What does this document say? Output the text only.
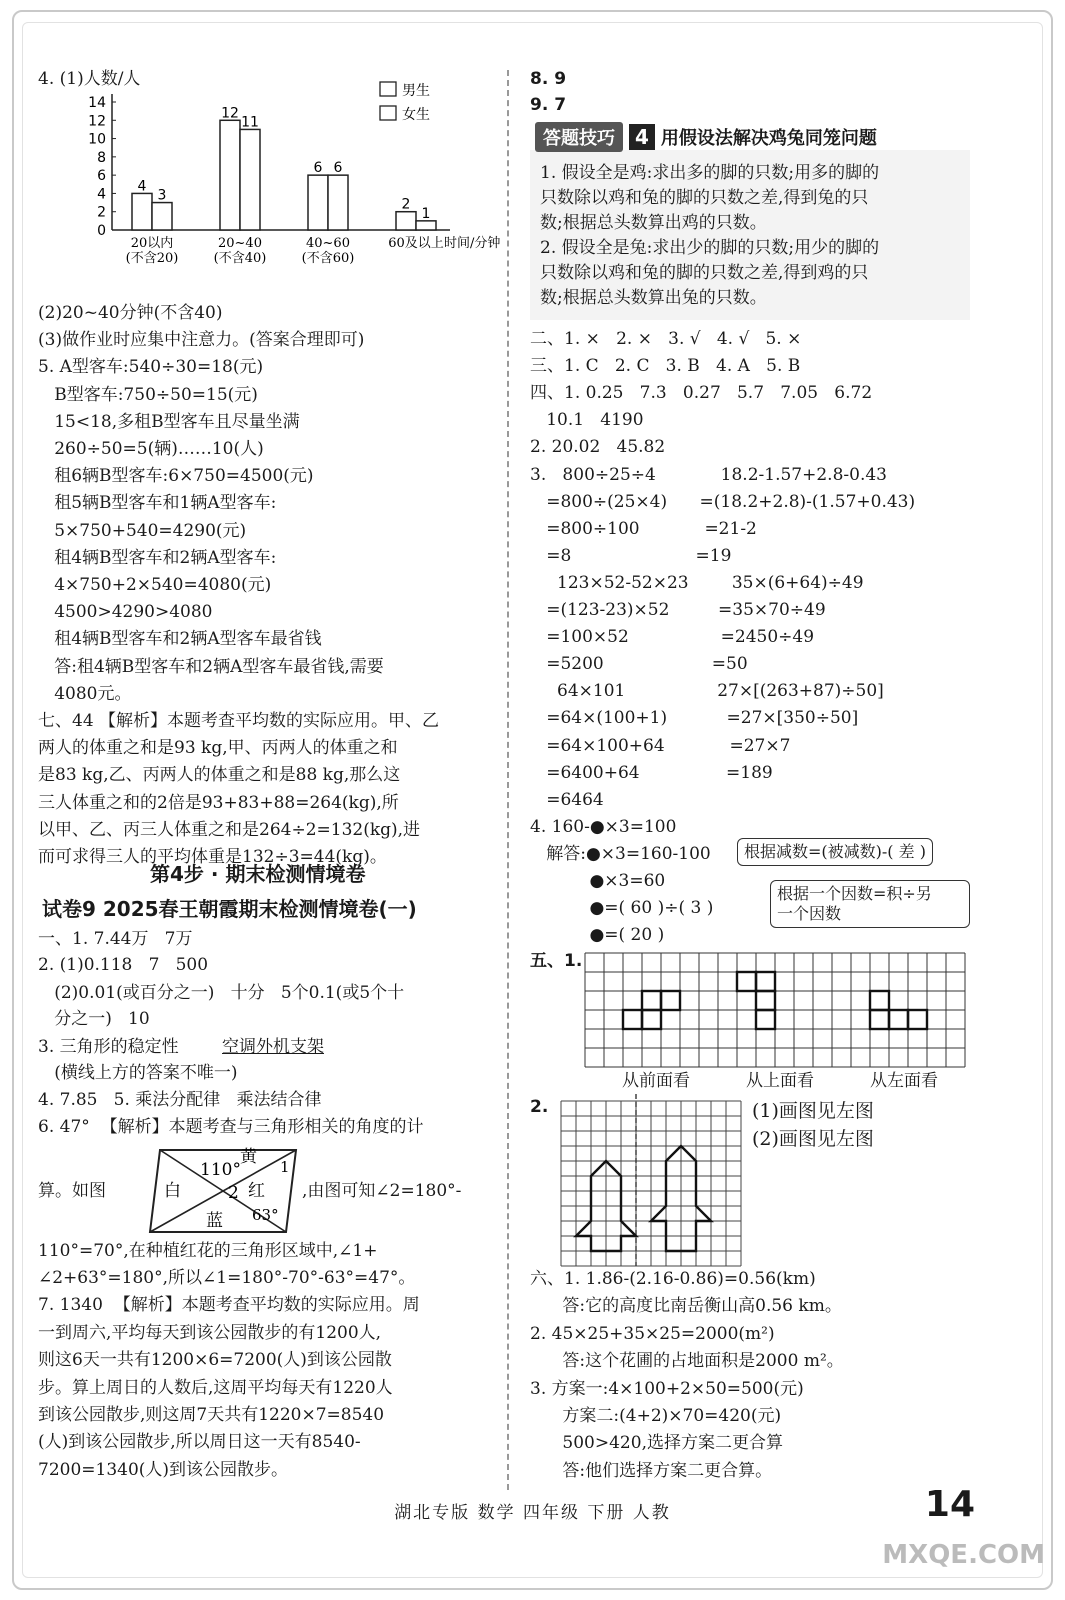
4. (1)人数/人
0
2
4
6
8
10
12
14
4
3
20以内
(不含20)
12
11
20~40
(不含40)
6 6
40~60
(不含60)
2
1
60及以上 时间/分钟
男生
女生
(2)20~40分钟(不含40)
(3)做作业时应集中注意力。(答案合理即可)
5. A型客车:540÷30=18(元)
B型客车:750÷50=15(元)
15<18,多租B型客车且尽量坐满
260÷50=5(辆)……10(人)
租6辆B型客车:6×750=4500(元)
租5辆B型客车和1辆A型客车:
5×750+540=4290(元)
租4辆B型客车和2辆A型客车:
4×750+2×540=4080(元)
4500>4290>4080
租4辆B型客车和2辆A型客车最省钱
答:租4辆B型客车和2辆A型客车最省钱,需要
4080元。
七、44 【解析】本题考查平均数的实际应用。甲、乙
两人的体重之和是93 kg,甲、丙两人的体重之和
是83 kg,乙、丙两人的体重之和是88 kg,那么这
三人体重之和的2倍是93+83+88=264(kg),所
以甲、乙、丙三人体重之和是264÷2=132(kg),进
而可求得三人的平均体重是132÷3=44(kg)。
第4步 · 期末检测情境卷
试卷9 2025春王朝霞期末检测情境卷(一)
一、1. 7.44万   7万
2. (1)0.118   7   500
(2)0.01(或百分之一)   十分   5个0.1(或5个十
分之一)   10
3. 三角形的稳定性
(横线上方的答案不唯一)
4. 7.85   5. 乘法分配律   乘法结合律
6. 47°  【解析】本题考查与三角形相关的角度的计
算。如图	,由图可知∠2=180°-
110°=70°,在种植红花的三角形区域中,∠1+
∠2+63°=180°,所以∠1=180°-70°-63°=47°。
7. 1340  【解析】本题考查平均数的实际应用。周
一到周六,平均每天到该公园散步的有1200人,
则这6天一共有1200×6=7200(人)到该公园散
步。算上周日的人数后,这周平均每天有1220人
到该公园散步,则这周7天共有1220×7=8540
(人)到该公园散步,所以周日这一天有8540-
7200=1340(人)到该公园散步。
空调外机支架
110°
黄 1
白	2 红
蓝 63°
8. 9
9. 7
答题技巧	4 用假设法解决鸡兔同笼问题
1. 假设全是鸡:求出多的脚的只数;用多的脚的
只数除以鸡和兔的脚的只数之差,得到兔的只
数;根据总头数算出鸡的只数。
2. 假设全是兔:求出少的脚的只数;用少的脚的
只数除以鸡和兔的脚的只数之差,得到鸡的只
数;根据总头数算出兔的只数。
二、1. ×   2. ×   3. √   4. √   5. ×
三、1. C   2. C   3. B   4. A   5. B
四、1. 0.25   7.3   0.27   5.7   7.05   6.72
10.1   4190
2. 20.02   45.82
3.   800÷25÷4            18.2-1.57+2.8-0.43
=800÷(25×4)      =(18.2+2.8)-(1.57+0.43)
=800÷100            =21-2
=8                       =19
123×52-52×23        35×(6+64)÷49
=(123-23)×52         =35×70÷49
=100×52                 =2450÷49
=5200                    =50
64×101                 27×[(263+87)÷50]
=64×(100+1)           =27×[350÷50]
=64×100+64            =27×7
=6400+64                =189
=6464
4. 160-●×3=100
解答:●×3=160-100
●×3=60
●=( 60 )÷( 3 )
●=( 20 )
根据减数=(被减数)-( 差 )
根据一个因数=积÷另
一个因数
五、1.
从前面看	从上面看	从左面看
2.	(1)画图见左图
(2)画图见左图
六、1. 1.86-(2.16-0.86)=0.56(km)
答:它的高度比南岳衡山高0.56 km。
2. 45×25+35×25=2000(m²)
答:这个花圃的占地面积是2000 m²。
3. 方案一:4×100+2×50=500(元)
方案二:(4+2)×70=420(元)
500>420,选择方案二更合算
答:他们选择方案二更合算。
湖北专版 数学 四年级 下册 人教	14
MXQE.COM
